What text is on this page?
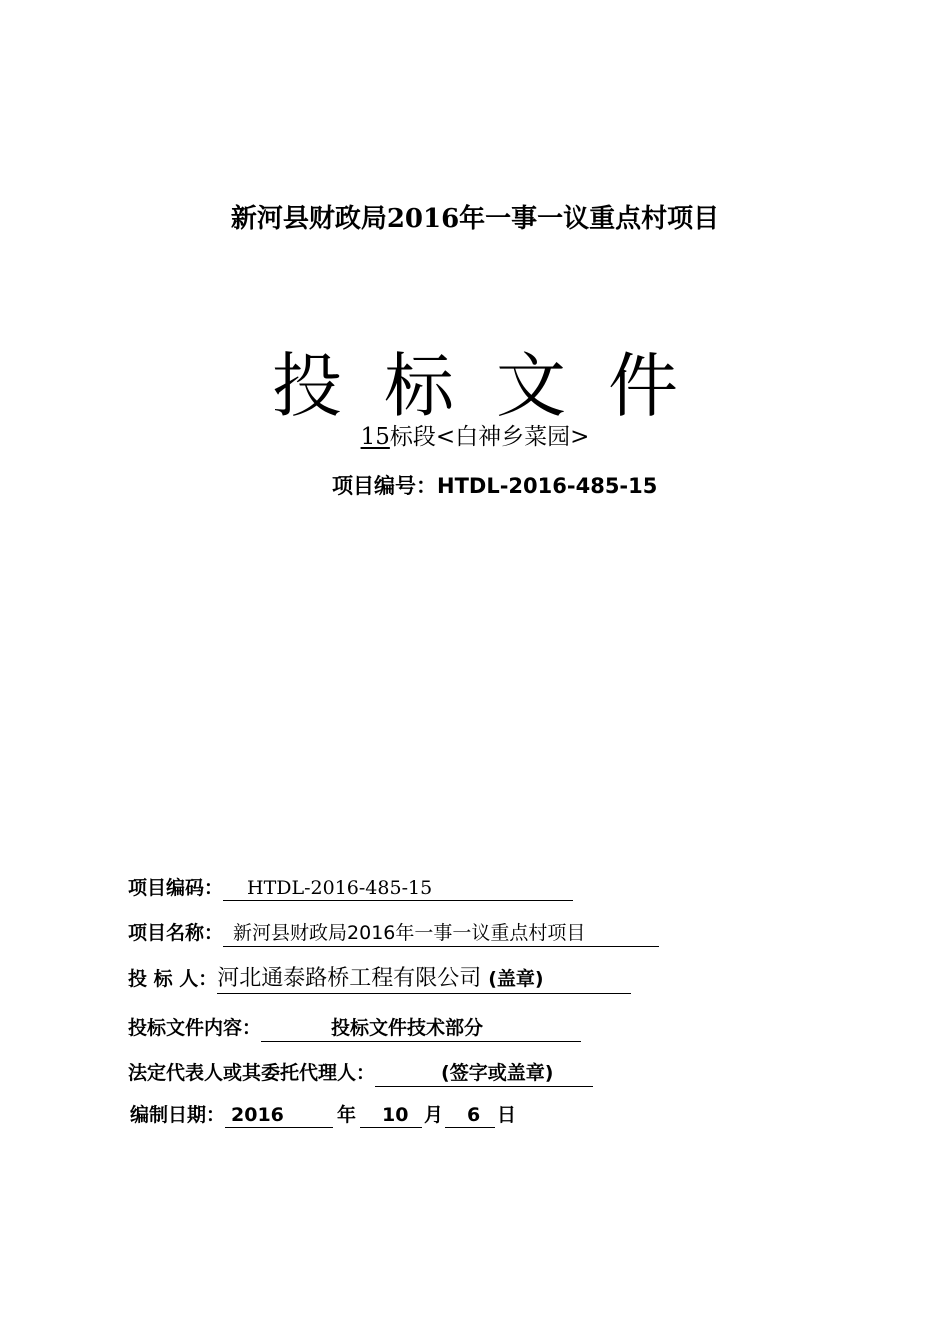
新河县财政局2016年一事一议重点村项目
投标文件
15标段<白神乡菜园>
项目编号：HTDL-2016-485-15
项目编码： HTDL-2016-485-15
项目名称： 新河县财政局2016年一事一议重点村项目
投 标 人：河北通泰路桥工程有限公司 (盖章)
投标文件内容：	投标文件技术部分
法定代表人或其委托代理人：	(签字或盖章)
编制日期： 2016	年 10 月 6 日
